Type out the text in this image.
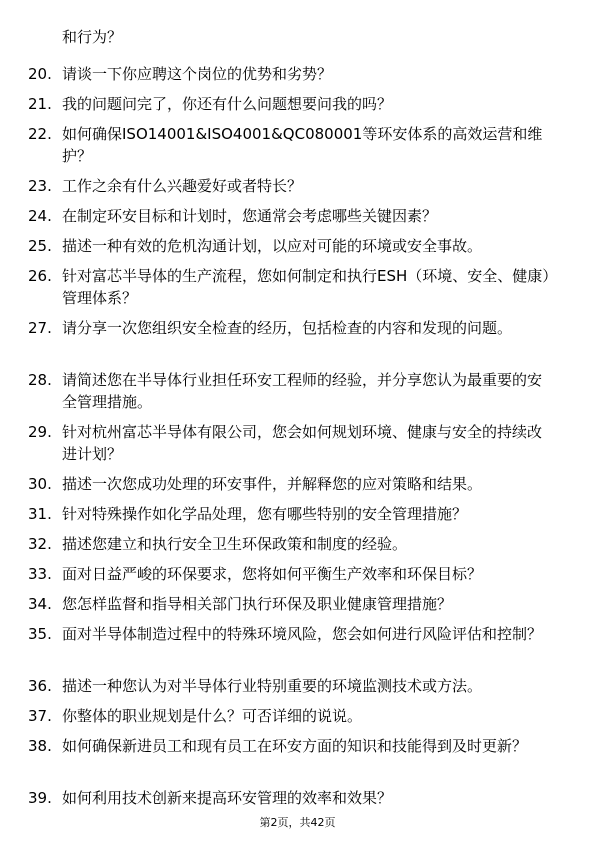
和行为？
20. 请谈一下你应聘这个岗位的优势和劣势？
21. 我的问题问完了，你还有什么问题想要问我的吗？
22. 如何确保ISO14001&ISO4001&QC080001等环安体系的高效运营和维护？
23. 工作之余有什么兴趣爱好或者特长？
24. 在制定环安目标和计划时，您通常会考虑哪些关键因素？
25. 描述一种有效的危机沟通计划，以应对可能的环境或安全事故。
26. 针对富芯半导体的生产流程，您如何制定和执行ESH（环境、安全、健康）管理体系？
27. 请分享一次您组织安全检查的经历，包括检查的内容和发现的问题。
28. 请简述您在半导体行业担任环安工程师的经验，并分享您认为最重要的安全管理措施。
29. 针对杭州富芯半导体有限公司，您会如何规划环境、健康与安全的持续改进计划？
30. 描述一次您成功处理的环安事件，并解释您的应对策略和结果。
31. 针对特殊操作如化学品处理，您有哪些特别的安全管理措施？
32. 描述您建立和执行安全卫生环保政策和制度的经验。
33. 面对日益严峻的环保要求，您将如何平衡生产效率和环保目标？
34. 您怎样监督和指导相关部门执行环保及职业健康管理措施？
35. 面对半导体制造过程中的特殊环境风险，您会如何进行风险评估和控制？
36. 描述一种您认为对半导体行业特别重要的环境监测技术或方法。
37. 你整体的职业规划是什么？可否详细的说说。
38. 如何确保新进员工和现有员工在环安方面的知识和技能得到及时更新？
39. 如何利用技术创新来提高环安管理的效率和效果？
第2页，共42页
